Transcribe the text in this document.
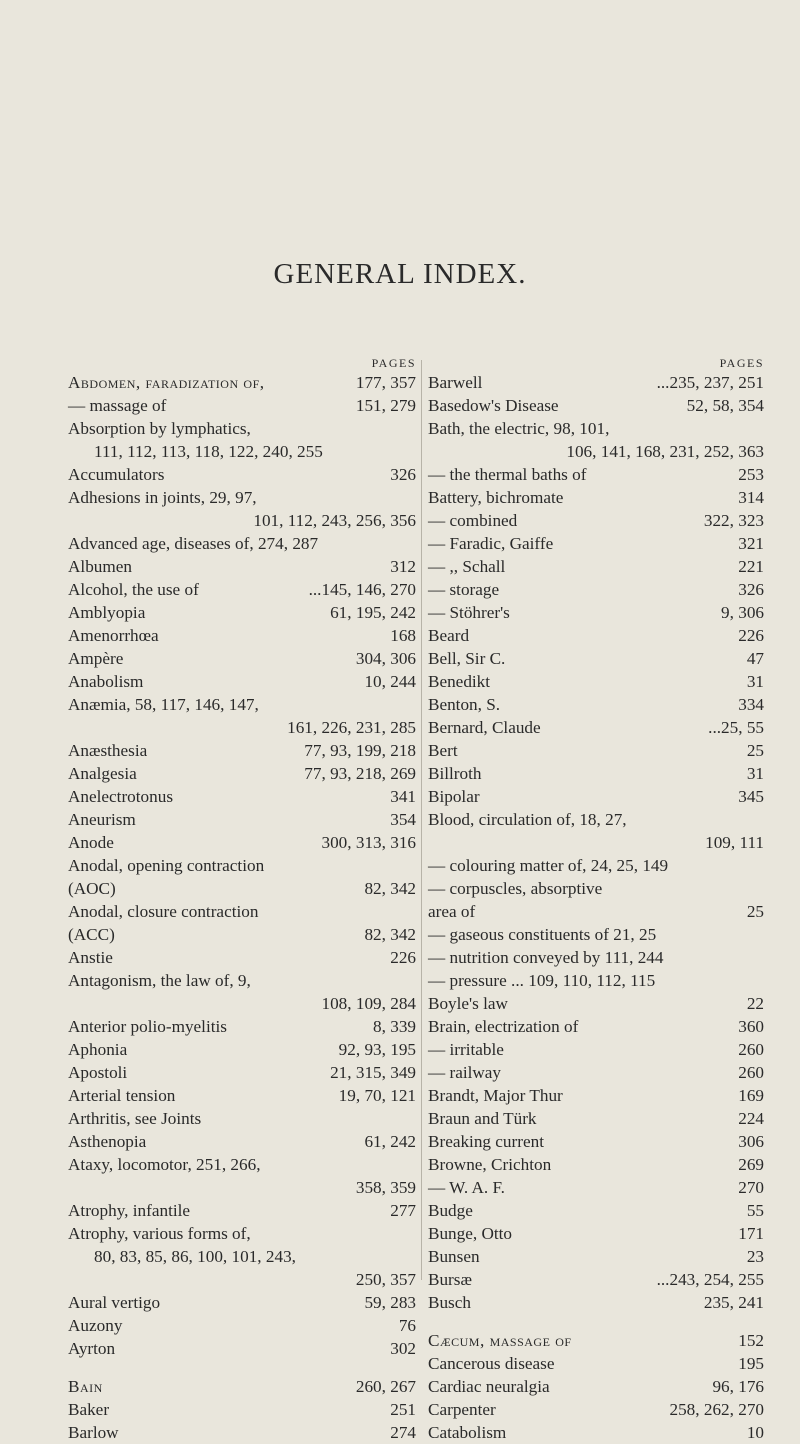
GENERAL INDEX.
PAGES
Abdomen, faradization of,	177, 357
— massage of	151, 279
Absorption by lymphatics,
111, 112, 113, 118, 122, 240, 255
Accumulators	326
Adhesions in joints, 29, 97,
101, 112, 243, 256, 356
Advanced age, diseases of, 274, 287
Albumen	312
Alcohol, the use of	...145, 146, 270
Amblyopia	61, 195, 242
Amenorrhœa	168
Ampère	304, 306
Anabolism	10, 244
Anæmia, 58, 117, 146, 147,
161, 226, 231, 285
Anæsthesia	77, 93, 199, 218
Analgesia	77, 93, 218, 269
Anelectrotonus	341
Aneurism	354
Anode	300, 313, 316
Anodal, opening contraction
(AOC)	82, 342
Anodal, closure contraction
(ACC)	82, 342
Anstie	226
Antagonism, the law of, 9,
108, 109, 284
Anterior polio-myelitis	8, 339
Aphonia	92, 93, 195
Apostoli	21, 315, 349
Arterial tension	19, 70, 121
Arthritis, see Joints
Asthenopia	61, 242
Ataxy, locomotor, 251, 266,
358, 359
Atrophy, infantile	277
Atrophy, various forms of,
80, 83, 85, 86, 100, 101, 243,
250, 357
Aural vertigo	59, 283
Auzony	76
Ayrton	302
Bain	260, 267
Baker	251
Barlow	274
PAGES
Barwell	...235, 237, 251
Basedow's Disease	52, 58, 354
Bath, the electric, 98, 101,
106, 141, 168, 231, 252, 363
— the thermal baths of	253
Battery, bichromate	314
— combined	322, 323
— Faradic, Gaiffe	321
— ,, Schall	221
— storage	326
— Stöhrer's	9, 306
Beard	226
Bell, Sir C.	47
Benedikt	31
Benton, S.	334
Bernard, Claude	...25, 55
Bert	25
Billroth	31
Bipolar	345
Blood, circulation of, 18, 27,
109, 111
— colouring matter of, 24, 25, 149
— corpuscles, absorptive
area of	25
— gaseous constituents of 21, 25
— nutrition conveyed by 111, 244
— pressure ... 109, 110, 112, 115
Boyle's law	22
Brain, electrization of	360
— irritable	260
— railway	260
Brandt, Major Thur	169
Braun and Türk	224
Breaking current	306
Browne, Crichton	269
— W. A. F.	270
Budge	55
Bunge, Otto	171
Bunsen	23
Bursæ	...243, 254, 255
Busch	235, 241
Cæcum, massage of	152
Cancerous disease	195
Cardiac neuralgia	96, 176
Carpenter	258, 262, 270
Catabolism	10
